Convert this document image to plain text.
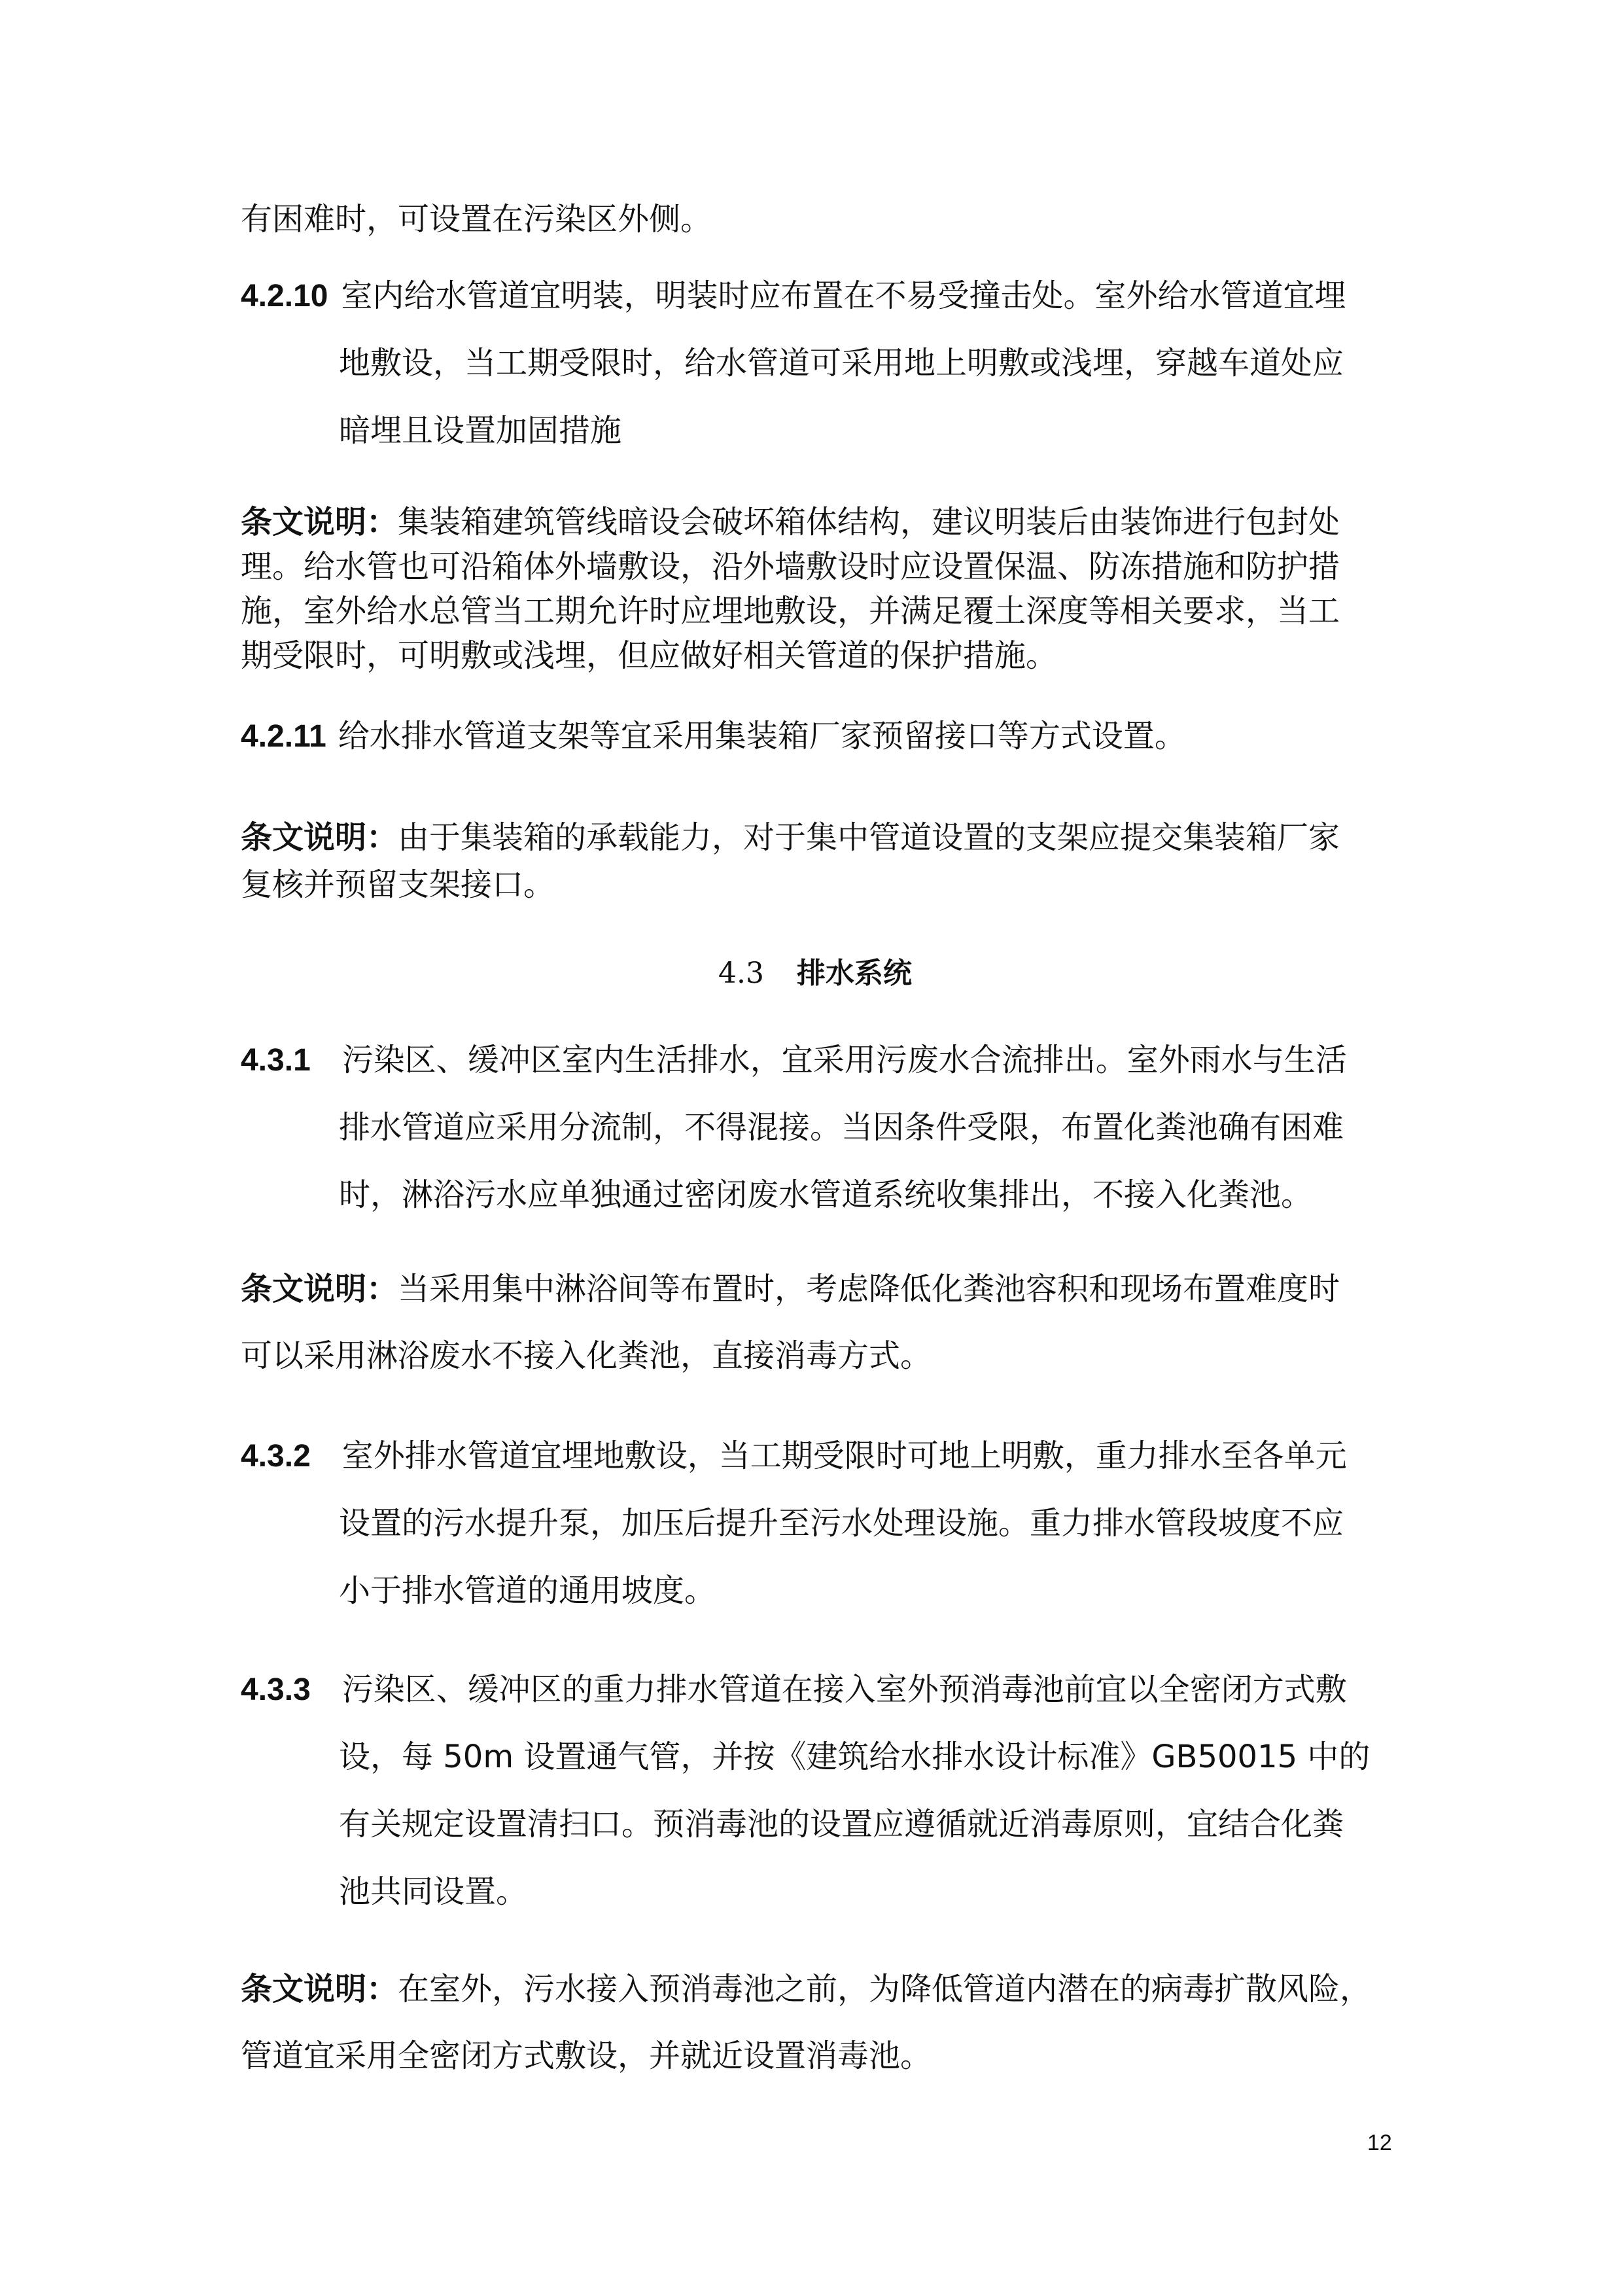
有困难时，可设置在污染区外侧。
4.2.10 室内给水管道宜明装，明装时应布置在不易受撞击处。室外给水管道宜埋
地敷设，当工期受限时，给水管道可采用地上明敷或浅埋，穿越车道处应
暗埋且设置加固措施
条文说明：集装箱建筑管线暗设会破坏箱体结构，建议明装后由装饰进行包封处
理。给水管也可沿箱体外墙敷设，沿外墙敷设时应设置保温、防冻措施和防护措
施，室外给水总管当工期允许时应埋地敷设，并满足覆土深度等相关要求，当工
期受限时，可明敷或浅埋，但应做好相关管道的保护措施。
4.2.11 给水排水管道支架等宜采用集装箱厂家预留接口等方式设置。
条文说明：由于集装箱的承载能力，对于集中管道设置的支架应提交集装箱厂家
复核并预留支架接口。
4.3 排水系统
4.3.1 污染区、缓冲区室内生活排水，宜采用污废水合流排出。室外雨水与生活
排水管道应采用分流制，不得混接。当因条件受限，布置化粪池确有困难
时，淋浴污水应单独通过密闭废水管道系统收集排出，不接入化粪池。
条文说明：当采用集中淋浴间等布置时，考虑降低化粪池容积和现场布置难度时
可以采用淋浴废水不接入化粪池，直接消毒方式。
4.3.2 室外排水管道宜埋地敷设，当工期受限时可地上明敷，重力排水至各单元
设置的污水提升泵，加压后提升至污水处理设施。重力排水管段坡度不应
小于排水管道的通用坡度。
4.3.3 污染区、缓冲区的重力排水管道在接入室外预消毒池前宜以全密闭方式敷
设，每 50m 设置通气管，并按《建筑给水排水设计标准》GB50015 中的
有关规定设置清扫口。预消毒池的设置应遵循就近消毒原则，宜结合化粪
池共同设置。
条文说明：在室外，污水接入预消毒池之前，为降低管道内潜在的病毒扩散风险，
管道宜采用全密闭方式敷设，并就近设置消毒池。
12
